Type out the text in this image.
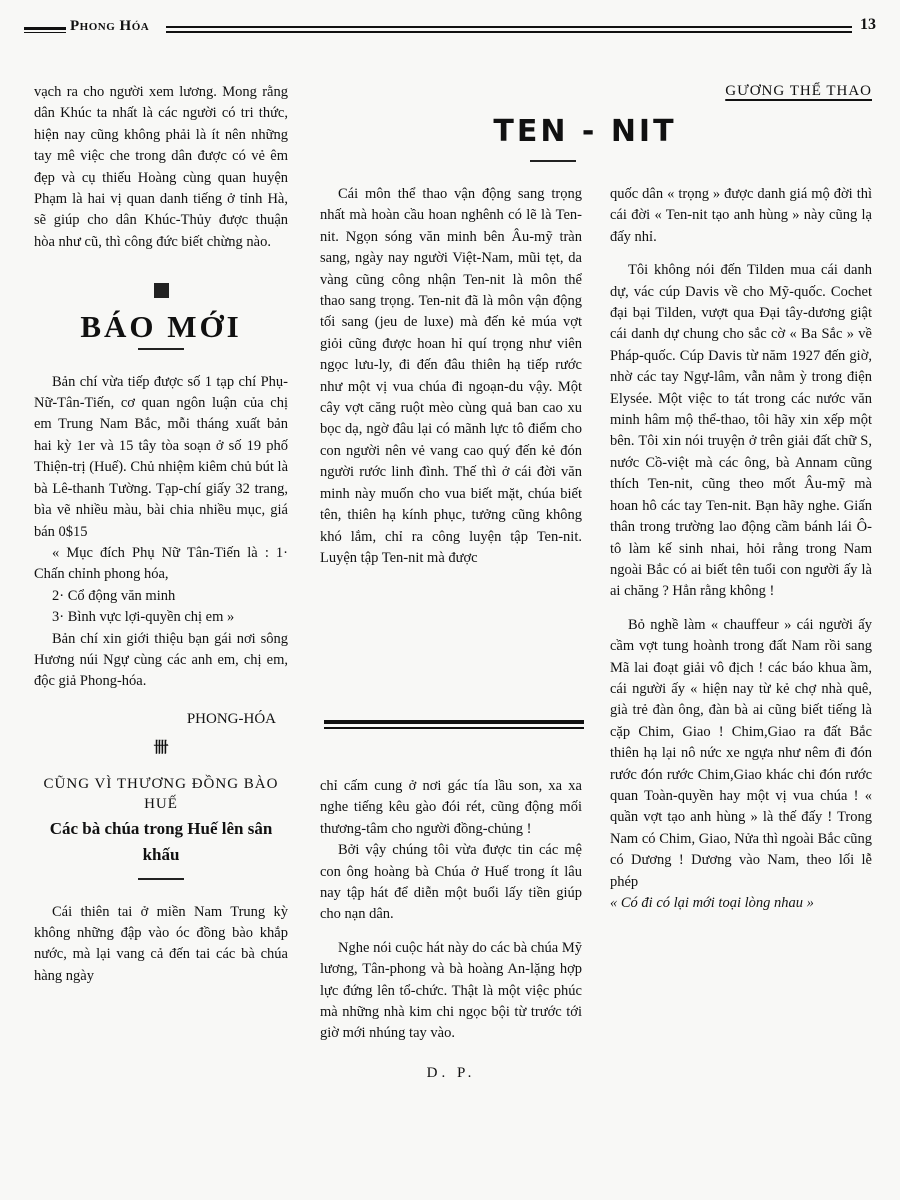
Phong Hóa	13

vạch ra cho người xem lương. Mong rằng dân Khúc ta nhất là các người có tri thức, hiện nay cũng không phải là ít nên những tay mê việc che trong dân được có vẻ êm đẹp và cụ thiếu Hoàng cùng quan huyện Phạm là hai vị quan danh tiếng ở tỉnh Hà, sẽ giúp cho dân Khúc-Thủy được thuận hòa như cũ, thì công đức biết chừng nào.

BÁO MỚI

Bản chí vừa tiếp được số 1 tạp chí Phụ-Nữ-Tân-Tiến, cơ quan ngôn luận của chị em Trung Nam Bắc, mỗi tháng xuất bản hai kỳ 1er và 15 tây tòa soạn ở số 19 phố Thiện-trị (Huế). Chủ nhiệm kiêm chủ bút là bà Lê-thanh Tường. Tạp-chí giấy 32 trang, bìa vẽ nhiều màu, bài chia nhiều mục, giá bán 0$15

« Mục đích Phụ Nữ Tân-Tiến là : 1· Chấn chỉnh phong hóa,

2· Cổ động văn minh

3· Bình vực lợi-quyền chị em »

Bản chí xin giới thiệu bạn gái nơi sông Hương núi Ngự cùng các anh em, chị em, độc giả Phong-hóa.

PHONG-HÓA

卌

CŨNG VÌ THƯƠNG ĐỒNG BÀO HUẾ

Các bà chúa trong Huế lên sân khấu

Cái thiên tai ở miền Nam Trung kỳ không những đập vào óc đồng bào khắp nước, mà lại vang cả đến tai các bà chúa hàng ngày

GƯƠNG THỂ THAO
TEN - NIT

Cái môn thể thao vận động sang trọng nhất mà hoàn cầu hoan nghênh có lẽ là Ten-nit. Ngọn sóng văn minh bên Âu-mỹ tràn sang, ngày nay người Việt-Nam, mũi tẹt, da vàng cũng công nhận Ten-nit là môn thể thao sang trọng. Ten-nit đã là môn vận động tối sang (jeu de luxe) mà đến kẻ múa vợt giỏi cũng được hoan hỉ quí trọng như viên ngọc lưu-ly, đi đến đâu thiên hạ tiếp rước như một vị vua chúa đi ngoạn-du vậy. Một cây vợt căng ruột mèo cùng quả ban cao xu bọc dạ, ngờ đâu lại có mãnh lực tô điểm cho con người nên vẻ vang cao quý đến kẻ đón người rước linh đình. Thế thì ở cái đời văn minh này muốn cho vua biết mặt, chúa biết tên, thiên hạ kính phục, tưởng cũng không khó lắm, chỉ ra công luyện tập Ten-nit. Luyện tập Ten-nit mà được

quốc dân « trọng » được danh giá mộ đời thì cái đời « Ten-nit tạo anh hùng » này cũng lạ đấy nhỉ.

Tôi không nói đến Tilden mua cái danh dự, vác cúp Davis về cho Mỹ-quốc. Cochet đại bại Tilden, vượt qua Đại tây-dương giật cái danh dự chung cho sắc cờ « Ba Sắc » về Pháp-quốc. Cúp Davis từ năm 1927 đến giờ, nhờ các tay Ngự-lâm, vẫn nằm ỳ trong điện Elysée. Một việc to tát trong các nước văn minh hâm mộ thể-thao, tôi hãy xin xếp một bên. Tôi xin nói truyện ở trên giải đất chữ S, nước Cồ-việt mà các ông, bà Annam cũng thích Ten-nit, cũng theo mốt Âu-mỹ mà hoan hô các tay Ten-nit. Bạn hãy nghe. Giấn thân trong trường lao động cầm bánh lái Ô-tô làm kế sinh nhai, hỏi rằng trong Nam ngoài Bắc có ai biết tên tuổi con người ấy là ai chăng ? Hẳn rằng không !

Bỏ nghề làm « chauffeur » cái người ấy cầm vợt tung hoành trong đất Nam rồi sang Mã lai đoạt giải vô địch ! các báo khua ầm, cái người ấy « hiện nay từ kẻ chợ nhà quê, già trẻ đàn ông, đàn bà ai cũng biết tiếng là cặp Chim, Giao ! Chim,Giao ra đất Bắc thiên hạ lại nô nức xe ngựa như nêm đi đón rước đón rước Chim,Giao khác chi đón rước quan Toàn-quyền hay một vị vua chúa ! « quần vợt tạo anh hùng » là thế đấy ! Trong Nam có Chim, Giao, Nửa thì ngoài Bắc cũng có Dương ! Dương vào Nam, theo lối lễ phép

« Có đi có lại mới toại lòng nhau »

chỉ cấm cung ở nơi gác tía lầu son, xa xa nghe tiếng kêu gào đói rét, cũng động mối thương-tâm cho người đồng-chủng !

Bởi vậy chúng tôi vừa được tin các mệ con ông hoàng bà Chúa ở Huế trong ít lâu nay tập hát để diễn một buổi lấy tiền giúp cho nạn dân.

Nghe nói cuộc hát này do các bà chúa Mỹ lương, Tân-phong và bà hoàng An-lặng hợp lực đứng lên tổ-chức. Thật là một việc phúc mà những nhà kim chi ngọc bội từ trước tới giờ mới nhúng tay vào.

D. P.
